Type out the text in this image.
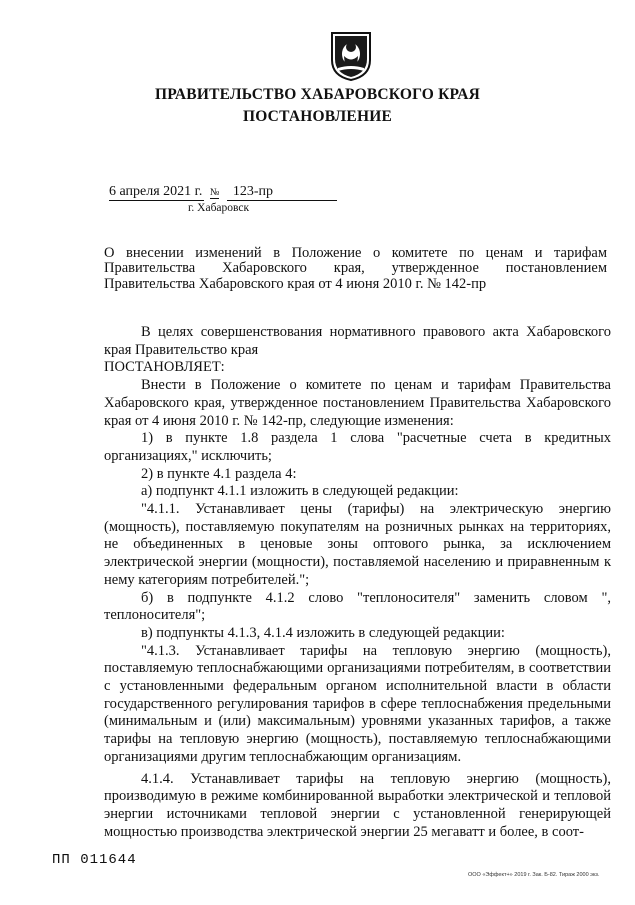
ПРАВИТЕЛЬСТВО ХАБАРОВСКОГО КРАЯ
ПОСТАНОВЛЕНИЕ
6 апреля 2021 г. № 123-пр
г. Хабаровск
О внесении изменений в Положение о комитете по ценам и тарифам Правительства Хабаровского края, утвержденное постановлением Правительства Хабаровского края от 4 июня 2010 г. № 142-пр

В целях совершенствования нормативного правового акта Хабаровского края Правительство края

ПОСТАНОВЛЯЕТ:

Внести в Положение о комитете по ценам и тарифам Правительства Хабаровского края, утвержденное постановлением Правительства Хабаровского края от 4 июня 2010 г. № 142-пр, следующие изменения:

1) в пункте 1.8 раздела 1 слова "расчетные счета в кредитных организациях," исключить;

2) в пункте 4.1 раздела 4:

а) подпункт 4.1.1 изложить в следующей редакции:

"4.1.1. Устанавливает цены (тарифы) на электрическую энергию (мощность), поставляемую покупателям на розничных рынках на территориях, не объединенных в ценовые зоны оптового рынка, за исключением электрической энергии (мощности), поставляемой населению и приравненным к нему категориям потребителей.";

б) в подпункте 4.1.2 слово "теплоносителя" заменить словом ", теплоносителя";

в) подпункты 4.1.3, 4.1.4 изложить в следующей редакции:

"4.1.3. Устанавливает тарифы на тепловую энергию (мощность), поставляемую теплоснабжающими организациями потребителям, в соответствии с установленными федеральным органом исполнительной власти в области государственного регулирования тарифов в сфере теплоснабжения предельными (минимальным и (или) максимальным) уровнями указанных тарифов, а также тарифы на тепловую энергию (мощность), поставляемую теплоснабжающими организациями другим теплоснабжающим организациям.

4.1.4. Устанавливает тарифы на тепловую энергию (мощность), производимую в режиме комбинированной выработки электрической и тепловой энергии источниками тепловой энергии с установленной генерирующей мощностью производства электрической энергии 25 мегаватт и более, в соот-

ПП 011644
ООО «Эффект+» 2019 г. Зак. Б-82. Тираж 2000 экз.
